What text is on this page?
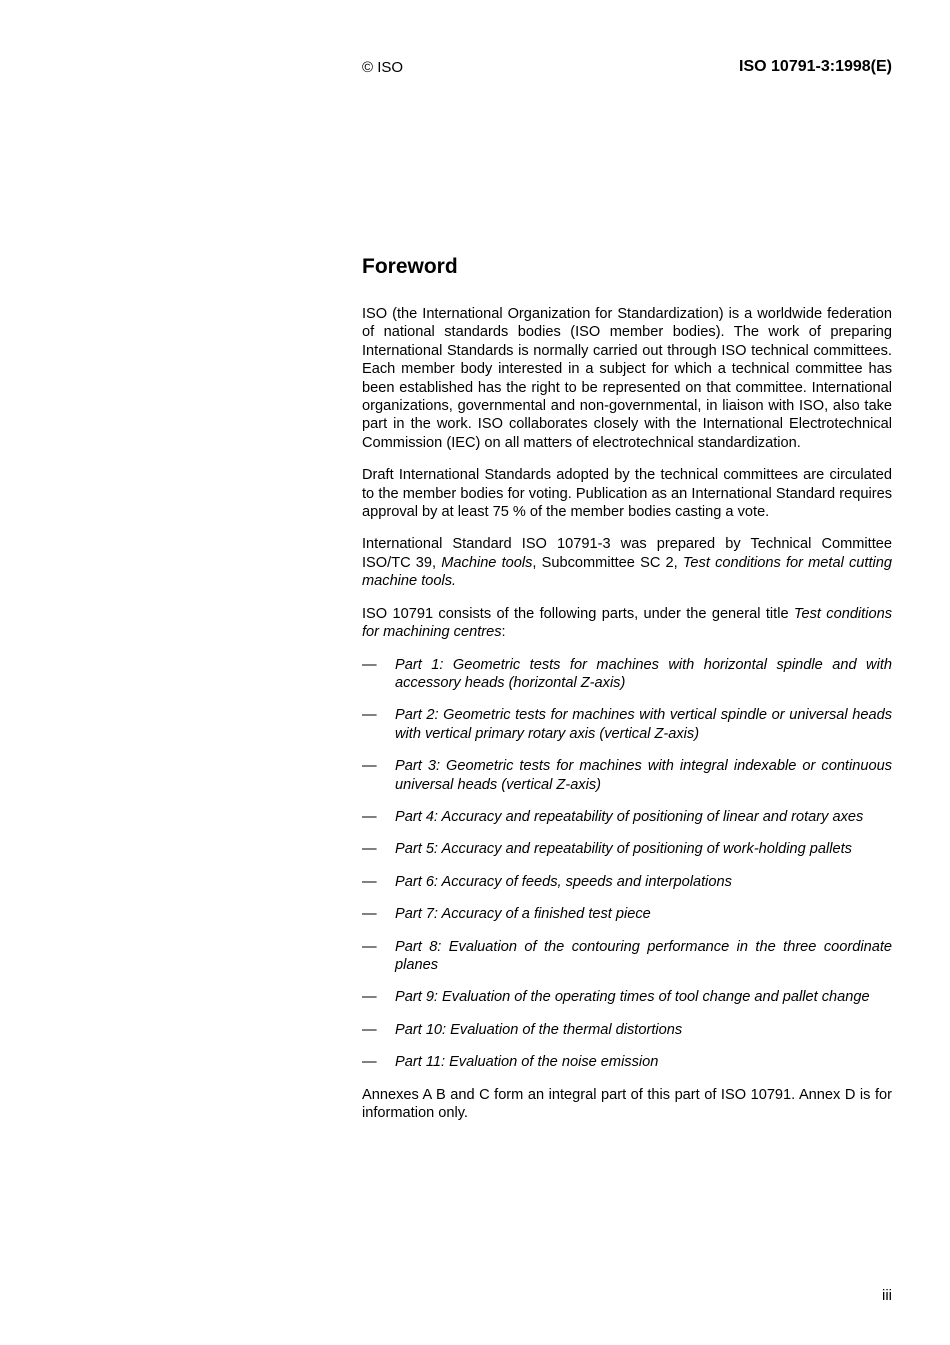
© ISO	ISO 10791-3:1998(E)
Foreword

ISO (the International Organization for Standardization) is a worldwide federation of national standards bodies (ISO member bodies). The work of preparing International Standards is normally carried out through ISO technical committees. Each member body interested in a subject for which a technical committee has been established has the right to be represented on that committee. International organizations, governmental and non-governmental, in liaison with ISO, also take part in the work. ISO collaborates closely with the International Electrotechnical Commission (IEC) on all matters of electrotechnical standardization.

Draft International Standards adopted by the technical committees are circulated to the member bodies for voting. Publication as an International Standard requires approval by at least 75 % of the member bodies casting a vote.

International Standard ISO 10791-3 was prepared by Technical Committee ISO/TC 39, Machine tools, Subcommittee SC 2, Test conditions for metal cutting machine tools.

ISO 10791 consists of the following parts, under the general title Test conditions for machining centres:

— Part 1: Geometric tests for machines with horizontal spindle and with accessory heads (horizontal Z-axis)
— Part 2: Geometric tests for machines with vertical spindle or universal heads with vertical primary rotary axis (vertical Z-axis)
— Part 3: Geometric tests for machines with integral indexable or continuous universal heads (vertical Z-axis)
— Part 4: Accuracy and repeatability of positioning of linear and rotary axes
— Part 5: Accuracy and repeatability of positioning of work-holding pallets
— Part 6: Accuracy of feeds, speeds and interpolations
— Part 7: Accuracy of a finished test piece
— Part 8: Evaluation of the contouring performance in the three coordinate planes
— Part 9: Evaluation of the operating times of tool change and pallet change
— Part 10: Evaluation of the thermal distortions
— Part 11: Evaluation of the noise emission

Annexes A B and C form an integral part of this part of ISO 10791. Annex D is for information only.

iii
